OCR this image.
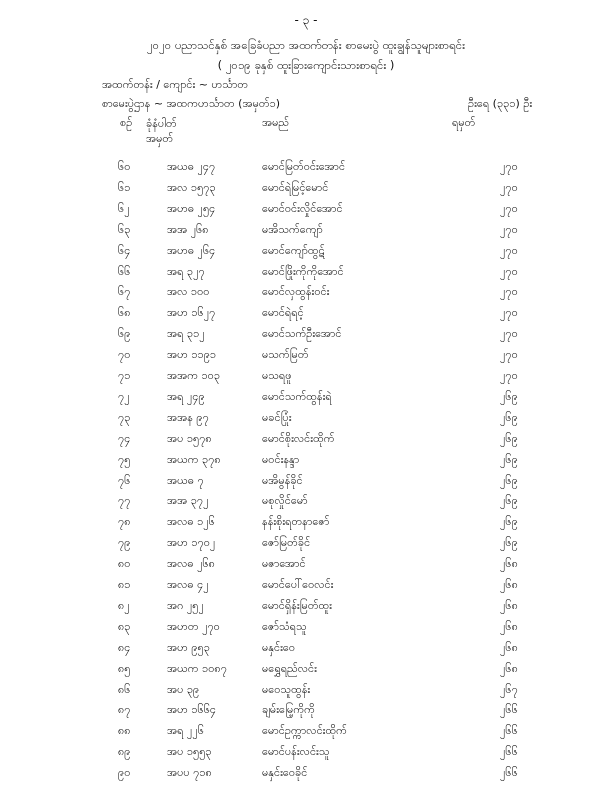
- ၃ -
၂၀၂၀ ပညာသင်နှစ် အခြေခံပညာ အထက်တန်း စာမေးပွဲ ထူးချွန်သူများစာရင်း
( ၂၀၁၉ ခုနှစ် ထူးခြားကျောင်းသားစာရင်း )
အထက်တန်း / ကျောင်း ~ ဟင်္သာတ
စာမေးပွဲဌာန ~ အထကဟင်္သာတ (အမှတ်၁)	ဦးရေ (၃၃၁) ဦး
စဉ် ခုံနံပါတ်
အမှတ်
အမည်	ရမှတ်
၆၀	အယဓ ၂၄၇	မောင်မြတ်ဝင်းအောင်	၂၇၀
၆၁	အလ ၁၅၇၃	မောင်ရဲမြင့်မောင်	၂၇၀
၆၂	အဟဓ ၂၅၄	မောင်ဝင်းလှိုင်အောင်	၂၇၀
၆၃	အအ ၂၆၈	မအိသက်ကျော်	၂၇၀
၆၄	အဟဓ ၂၆၄	မောင်ကျော်ထွဋ်	၂၇၀
၆၆	အရ ၃၂၇	မောင်ဖြိုးကိုကိုအောင်	၂၇၀
၆၇	အလ ၁၀၀	မောင်လှထွန်းဝင်း	၂၇၀
၆၈	အဟ ၁၆၂၇	မောင်ရဲရင့်	၂၇၀
၆၉	အရ ၃၁၂	မောင်သက်ဦးအောင်	၂၇၀
၇၀	အဟ ၁၁၉၁	မသက်မြတ်	၂၇၀
၇၁	အအက ၁၀၃	မသရဖူ	၂၇၀
၇၂	အရ ၂၄၉	မောင်သက်ထွန်းရဲ	၂၆၉
၇၃	အအန ၉၇	မခင်ပြုံး	၂၆၉
၇၄	အပ ၁၅၇၈	မောင်စိုးလင်းထိုက်	၂၆၉
၇၅	အယက ၃၇၈	မဝင်းနန္ဒာ	၂၆၉
၇၆	အယဓ ၇	မအိမွန်ခိုင်	၂၆၉
၇၇	အအ ၃၇၂	မစုလှိုင်မော်	၂၆၉
၇၈	အလဓ ၁၂၆	နန်းစိုးရတနာဇော်	၂၆၉
၇၉	အဟ ၁၇၀၂	ဇော်မြတ်ခိုင်	၂၆၉
၈၀	အလဓ ၂၆၈	မဇာအောင်	၂၆၈
၈၁	အလဓ ၄၂	မောင်ပေါ်ဝေလင်း	၂၆၈
၈၂	အဂ ၂၅၂	မောင်ရှိန်းမြတ်ထူး	၂၆၈
၈၃	အဟတ ၂၇၀	ဇော်သံရသူ	၂၆၈
၈၄	အဟ ၉၅၃	မနှင်းဝေ	၂၆၈
၈၅	အယက ၁၀၈၇	မရွှေရည်လင်း	၂၆၈
၈၆	အပ ၃၉	မဝေသူထွန်း	၂၆၇
၈၇	အဟ ၁၆၆၄	ချမ်းမြေ့ကိုကို	၂၆၆
၈၈	အရ ၂၂၆	မောင်ဥက္ကာလင်းထိုက်	၂၆၆
၈၉	အပ ၁၅၅၃	မောင်ပန်းလင်းသူ	၂၆၆
၉၀	အပပ ၇၁၈	မနှင်းဝေခိုင်	၂၆၆
